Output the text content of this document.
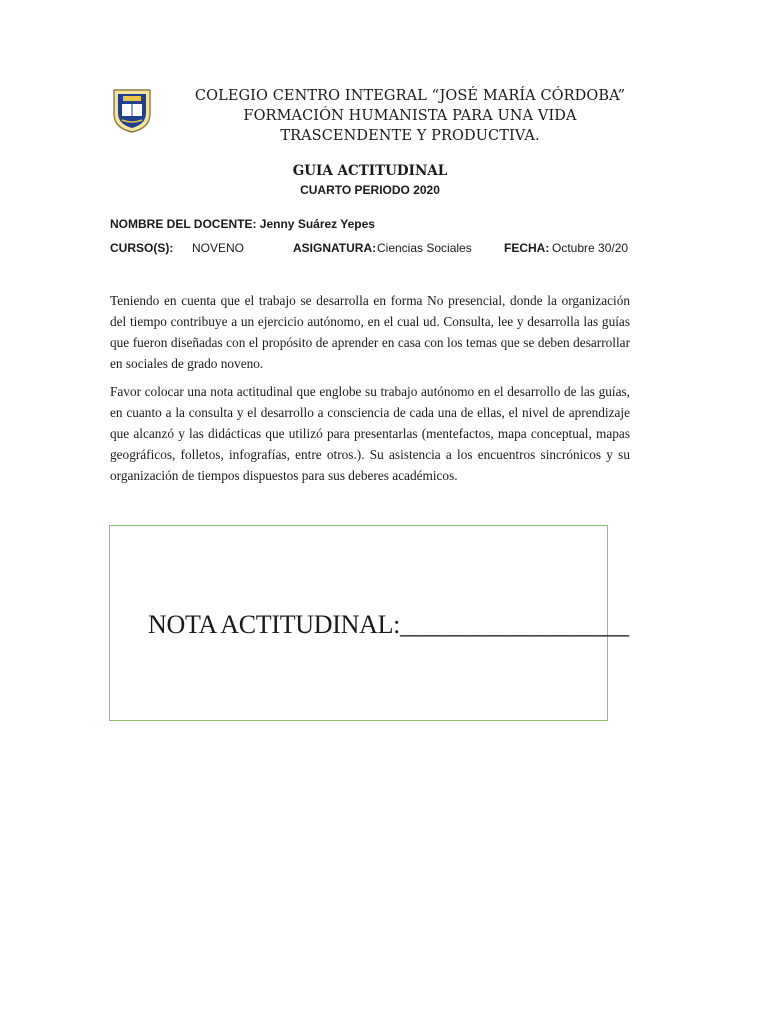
COLEGIO CENTRO INTEGRAL “JOSÉ MARÍA CÓRDOBA”
FORMACIÓN HUMANISTA PARA UNA VIDA
TRASCENDENTE Y PRODUCTIVA.
GUIA ACTITUDINAL
CUARTO PERIODO 2020
NOMBRE DEL DOCENTE: Jenny Suárez Yepes
CURSO(S): NOVENO	ASIGNATURA: Ciencias Sociales	FECHA: Octubre 30/20

Teniendo en cuenta que el trabajo se desarrolla en forma No presencial, donde la organización del tiempo contribuye a un ejercicio autónomo, en el cual ud. Consulta, lee y desarrolla las guías que fueron diseñadas con el propósito de aprender en casa con los temas que se deben desarrollar en sociales de grado noveno.

Favor colocar una nota actitudinal que englobe su trabajo autónomo en el desarrollo de las guías, en cuanto a la consulta y el desarrollo a consciencia de cada una de ellas, el nivel de aprendizaje que alcanzó y las didácticas que utilizó para presentarlas (mentefactos, mapa conceptual, mapas geográficos, folletos, infografías, entre otros.). Su asistencia a los encuentros sincrónicos y su organización de tiempos dispuestos para sus deberes académicos.

NOTA ACTITUDINAL:__________________
